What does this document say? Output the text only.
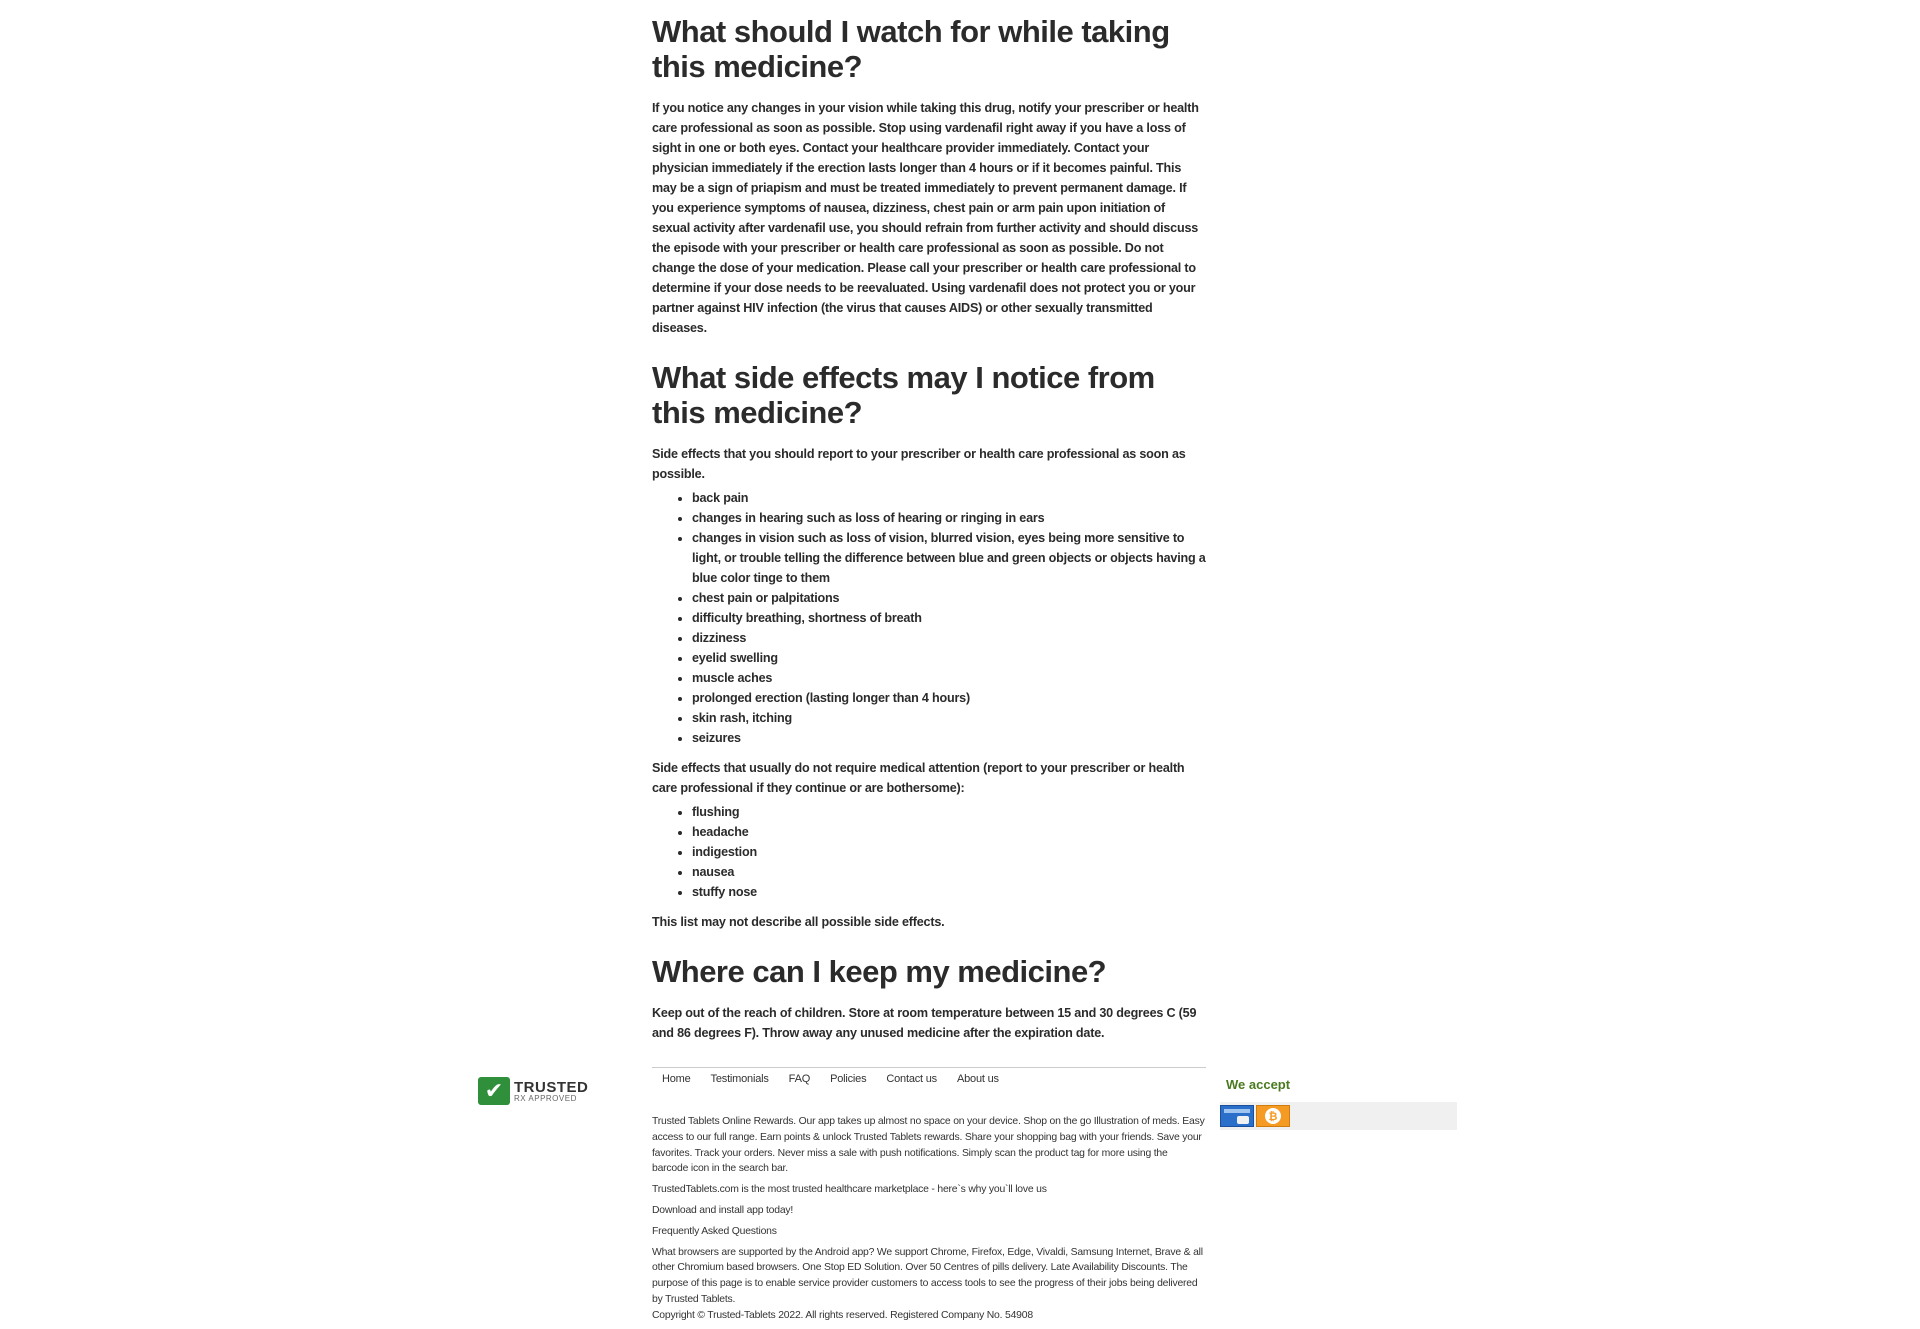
What should I watch for while taking this medicine?

If you notice any changes in your vision while taking this drug, notify your prescriber or health care professional as soon as possible. Stop using vardenafil right away if you have a loss of sight in one or both eyes. Contact your healthcare provider immediately. Contact your physician immediately if the erection lasts longer than 4 hours or if it becomes painful. This may be a sign of priapism and must be treated immediately to prevent permanent damage. If you experience symptoms of nausea, dizziness, chest pain or arm pain upon initiation of sexual activity after vardenafil use, you should refrain from further activity and should discuss the episode with your prescriber or health care professional as soon as possible. Do not change the dose of your medication. Please call your prescriber or health care professional to determine if your dose needs to be reevaluated. Using vardenafil does not protect you or your partner against HIV infection (the virus that causes AIDS) or other sexually transmitted diseases.

What side effects may I notice from this medicine?

Side effects that you should report to your prescriber or health care professional as soon as possible.

• back pain
• changes in hearing such as loss of hearing or ringing in ears
• changes in vision such as loss of vision, blurred vision, eyes being more sensitive to light, or trouble telling the difference between blue and green objects or objects having a blue color tinge to them
• chest pain or palpitations
• difficulty breathing, shortness of breath
• dizziness
• eyelid swelling
• muscle aches
• prolonged erection (lasting longer than 4 hours)
• skin rash, itching
• seizures

Side effects that usually do not require medical attention (report to your prescriber or health care professional if they continue or are bothersome):

• flushing
• headache
• indigestion
• nausea
• stuffy nose

This list may not describe all possible side effects.

Where can I keep my medicine?

Keep out of the reach of children. Store at room temperature between 15 and 30 degrees C (59 and 86 degrees F). Throw away any unused medicine after the expiration date.

✔ TRUSTED
RX APPROVED
Home Testimonials FAQ Policies Contact us About us	We accept
₿

Trusted Tablets Online Rewards. Our app takes up almost no space on your device. Shop on the go Illustration of meds. Easy access to our full range. Earn points & unlock Trusted Tablets rewards. Share your shopping bag with your friends. Save your favorites. Track your orders. Never miss a sale with push notifications. Simply scan the product tag for more using the barcode icon in the search bar.

TrustedTablets.com is the most trusted healthcare marketplace - here`s why you`ll love us

Download and install app today!

Frequently Asked Questions

What browsers are supported by the Android app? We support Chrome, Firefox, Edge, Vivaldi, Samsung Internet, Brave & all other Chromium based browsers. One Stop ED Solution. Over 50 Centres of pills delivery. Late Availability Discounts. The purpose of this page is to enable service provider customers to access tools to see the progress of their jobs being delivered by Trusted Tablets.

Copyright © Trusted-Tablets 2022. All rights reserved. Registered Company No. 54908
